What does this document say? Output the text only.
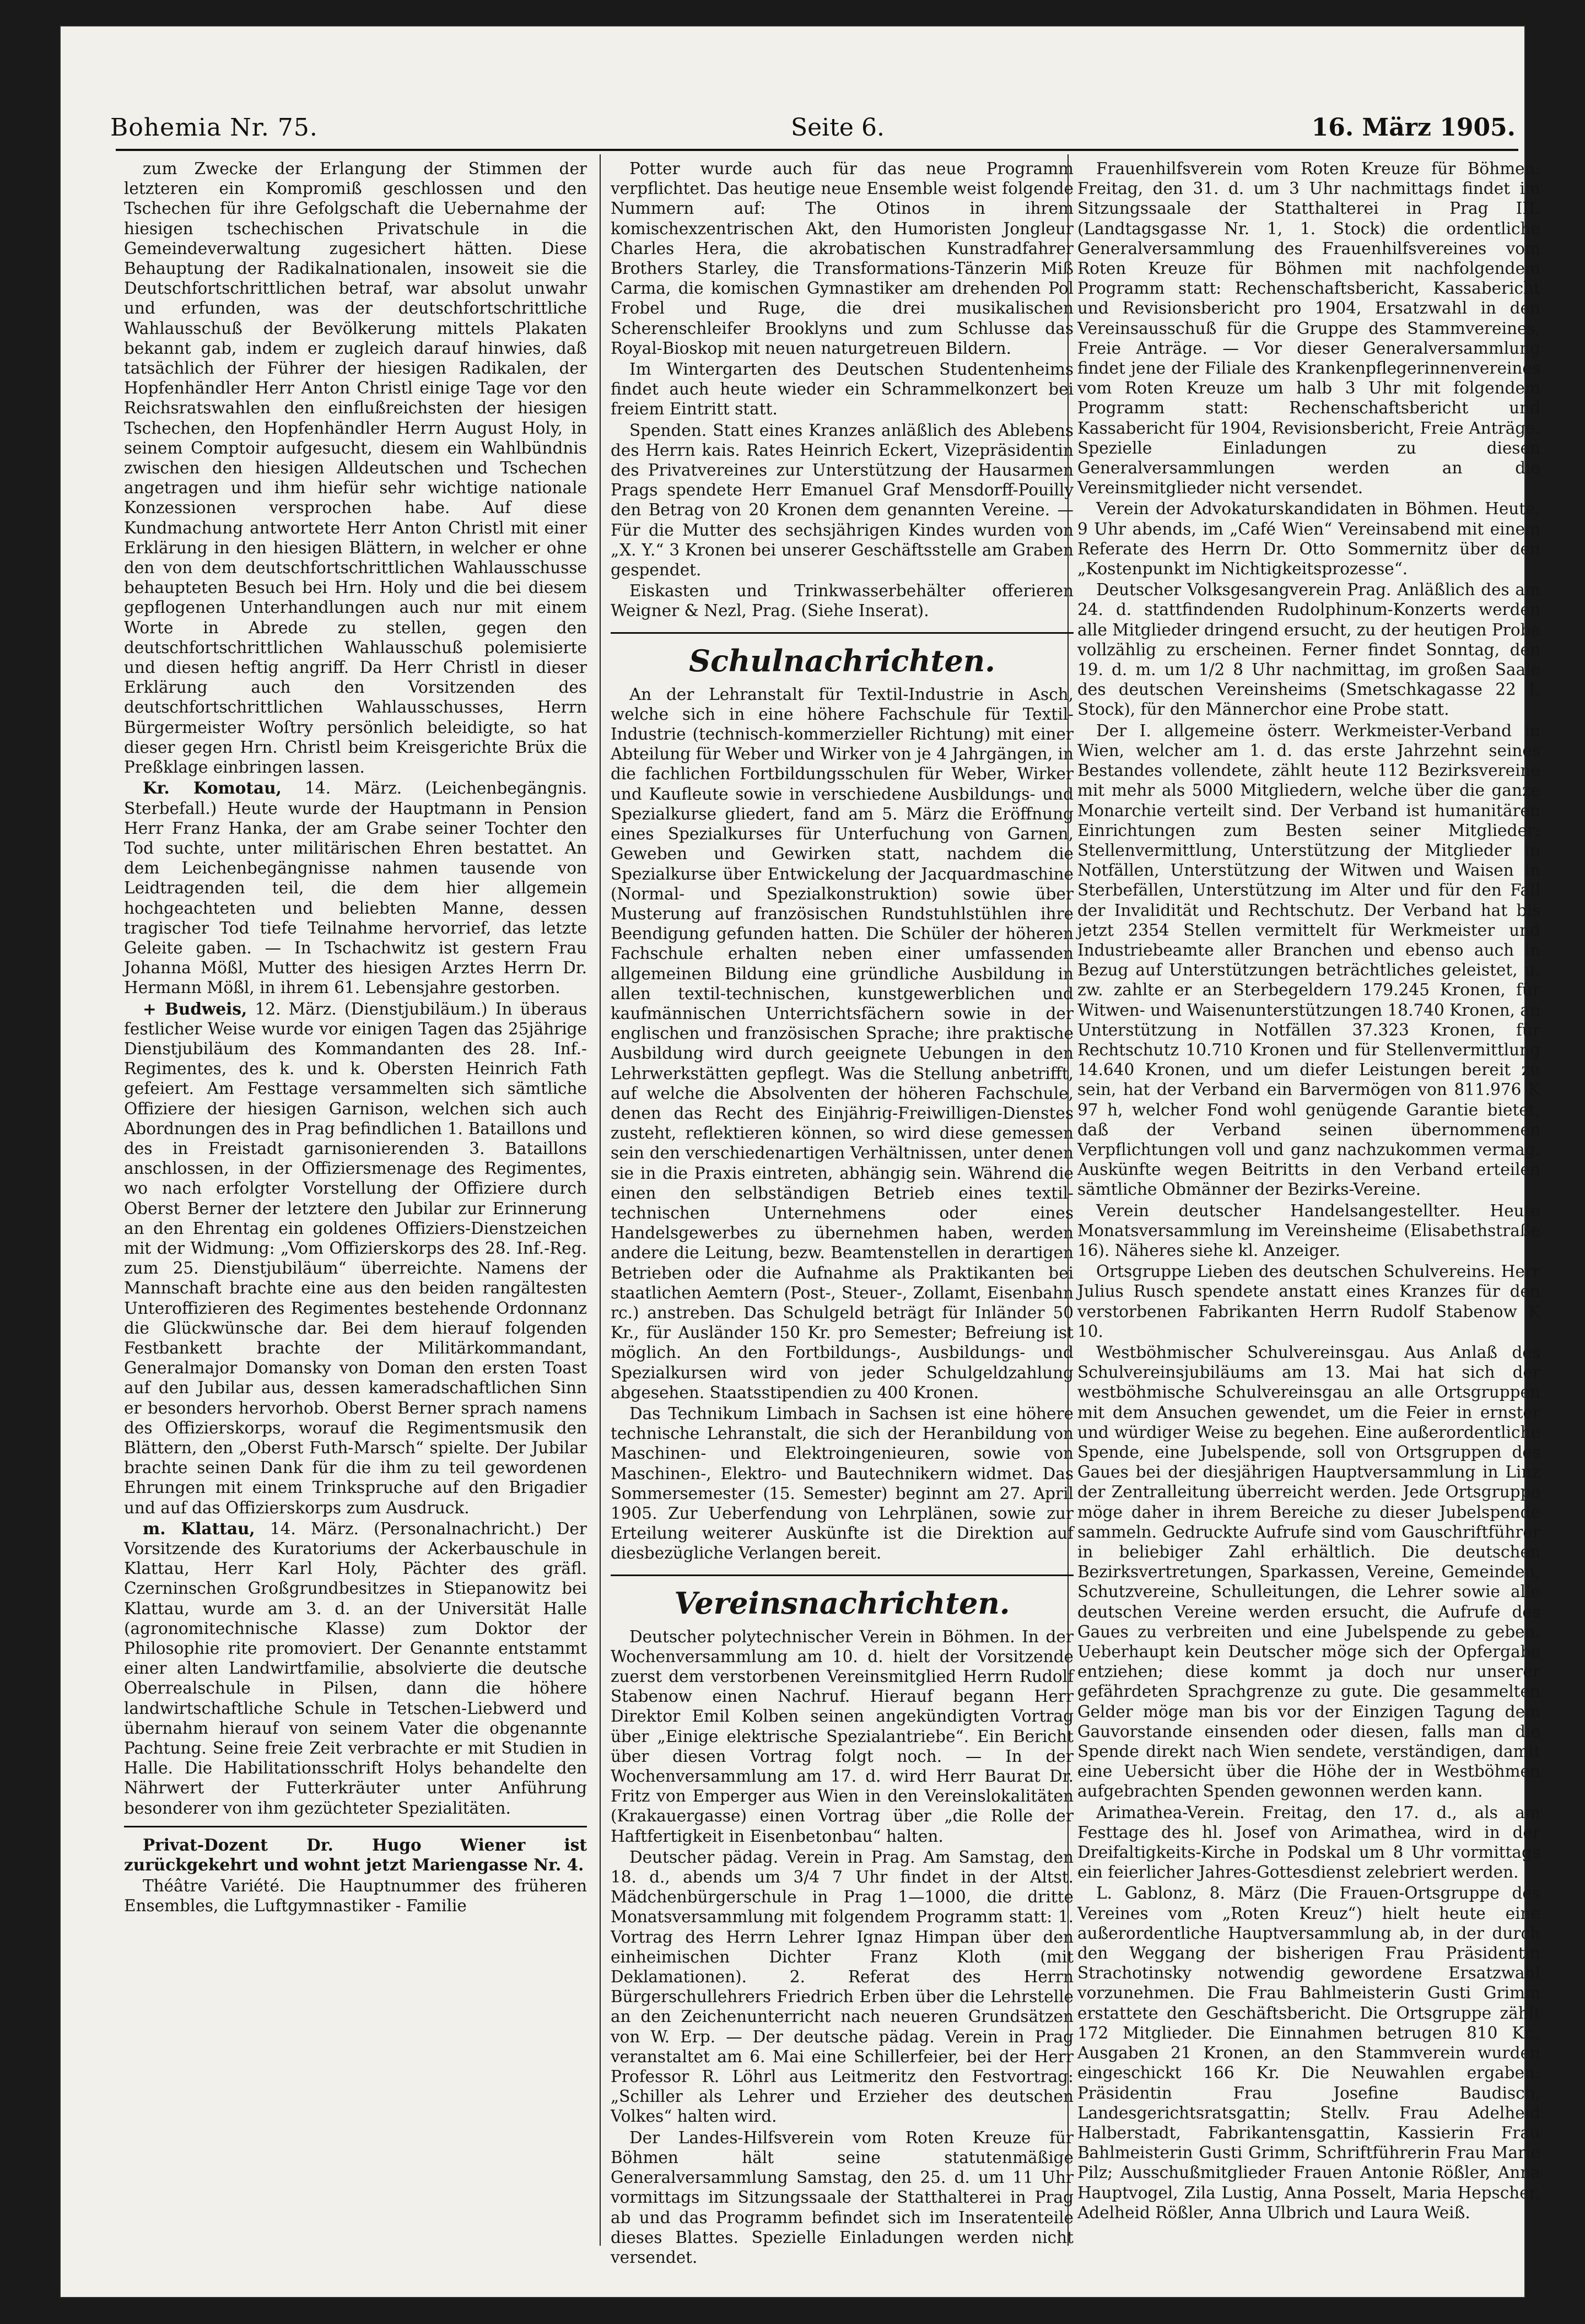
Bohemia Nr. 75.	Seite 6.	16. März 1905.

zum Zwecke der Erlangung der Stimmen der letzteren ein Kompromiß geschlossen und den Tschechen für ihre Gefolgschaft die Uebernahme der hiesigen tschechischen Privatschule in die Gemeindeverwaltung zugesichert hätten. Diese Behauptung der Radikalnationalen, insoweit sie die Deutschfortschrittlichen betraf, war absolut unwahr und erfunden, was der deutschfortschrittliche Wahlausschuß der Bevölkerung mittels Plakaten bekannt gab, indem er zugleich darauf hinwies, daß tatsächlich der Führer der hiesigen Radikalen, der Hopfenhändler Herr Anton Christl einige Tage vor den Reichsratswahlen den einflußreichsten der hiesigen Tschechen, den Hopfenhändler Herrn August Holy, in seinem Comptoir aufgesucht, diesem ein Wahlbündnis zwischen den hiesigen Alldeutschen und Tschechen angetragen und ihm hiefür sehr wichtige nationale Konzessionen versprochen habe. Auf diese Kundmachung antwortete Herr Anton Christl mit einer Erklärung in den hiesigen Blättern, in welcher er ohne den von dem deutschfortschrittlichen Wahlausschusse behaupteten Besuch bei Hrn. Holy und die bei diesem gepflogenen Unterhandlungen auch nur mit einem Worte in Abrede zu stellen, gegen den deutschfortschrittlichen Wahlausschuß polemisierte und diesen heftig angriff. Da Herr Christl in dieser Erklärung auch den Vorsitzenden des deutschfortschrittlichen Wahlausschusses, Herrn Bürgermeister Woſtry persönlich beleidigte, so hat dieser gegen Hrn. Christl beim Kreisgerichte Brüx die Preßklage einbringen lassen.

Kr. Komotau, 14. März. (Leichenbegängnis. Sterbefall.) Heute wurde der Hauptmann in Pension Herr Franz Hanka, der am Grabe seiner Tochter den Tod suchte, unter militärischen Ehren bestattet. An dem Leichenbegängnisse nahmen tausende von Leidtragenden teil, die dem hier allgemein hochgeachteten und beliebten Manne, dessen tragischer Tod tiefe Teilnahme hervorrief, das letzte Geleite gaben. — In Tschachwitz ist gestern Frau Johanna Mößl, Mutter des hiesigen Arztes Herrn Dr. Hermann Mößl, in ihrem 61. Lebensjahre gestorben.

+ Budweis, 12. März. (Dienstjubiläum.) In überaus festlicher Weise wurde vor einigen Tagen das 25jährige Dienstjubiläum des Kommandanten des 28. Inf.-Regimentes, des k. und k. Obersten Heinrich Fath gefeiert. Am Festtage versammelten sich sämtliche Offiziere der hiesigen Garnison, welchen sich auch Abordnungen des in Prag befindlichen 1. Bataillons und des in Freistadt garnisonierenden 3. Bataillons anschlossen, in der Offiziersmenage des Regimentes, wo nach erfolgter Vorstellung der Offiziere durch Oberst Berner der letztere den Jubilar zur Erinnerung an den Ehrentag ein goldenes Offiziers-Dienstzeichen mit der Widmung: „Vom Offizierskorps des 28. Inf.-Reg. zum 25. Dienstjubiläum“ überreichte. Namens der Mannschaft brachte eine aus den beiden rangältesten Unteroffizieren des Regimentes bestehende Ordonnanz die Glückwünsche dar. Bei dem hierauf folgenden Festbankett brachte der Militärkommandant, Generalmajor Domansky von Doman den ersten Toast auf den Jubilar aus, dessen kameradschaftlichen Sinn er besonders hervorhob. Oberst Berner sprach namens des Offizierskorps, worauf die Regimentsmusik den Blättern, den „Oberst Futh-Marsch“ spielte. Der Jubilar brachte seinen Dank für die ihm zu teil gewordenen Ehrungen mit einem Trinkspruche auf den Brigadier und auf das Offizierskorps zum Ausdruck.

m. Klattau, 14. März. (Personalnachricht.) Der Vorsitzende des Kuratoriums der Ackerbauschule in Klattau, Herr Karl Holy, Pächter des gräfl. Czerninschen Großgrundbesitzes in Stiepanowitz bei Klattau, wurde am 3. d. an der Universität Halle (agronomitechnische Klasse) zum Doktor der Philosophie rite promoviert. Der Genannte entstammt einer alten Landwirtfamilie, absolvierte die deutsche Oberrealschule in Pilsen, dann die höhere landwirtschaftliche Schule in Tetschen-Liebwerd und übernahm hierauf von seinem Vater die obgenannte Pachtung. Seine freie Zeit verbrachte er mit Studien in Halle. Die Habilitationsschrift Holys behandelte den Nährwert der Futterkräuter unter Anführung besonderer von ihm gezüchteter Spezialitäten.

Privat-Dozent Dr. Hugo Wiener ist zurückgekehrt und wohnt jetzt Mariengasse Nr. 4.

Théâtre Variété. Die Hauptnummer des früheren Ensembles, die Luftgymnastiker - Familie

Potter wurde auch für das neue Programm verpflichtet. Das heutige neue Ensemble weist folgende Nummern auf: The Otinos in ihrem komischexzentrischen Akt, den Humoristen Jongleur Charles Hera, die akrobatischen Kunstradfahrer Brothers Starley, die Transformations-Tänzerin Miß Carma, die komischen Gymnastiker am drehenden Pol Frobel und Ruge, die drei musikalischen Scherenschleifer Brooklyns und zum Schlusse das Royal-Bioskop mit neuen naturgetreuen Bildern.

Im Wintergarten des Deutschen Studentenheims findet auch heute wieder ein Schrammelkonzert bei freiem Eintritt statt.

Spenden. Statt eines Kranzes anläßlich des Ablebens des Herrn kais. Rates Heinrich Eckert, Vizepräsidentin des Privatvereines zur Unterstützung der Hausarmen Prags spendete Herr Emanuel Graf Mensdorff-Pouilly den Betrag von 20 Kronen dem genannten Vereine. — Für die Mutter des sechsjährigen Kindes wurden von „X. Y.“ 3 Kronen bei unserer Geschäftsstelle am Graben gespendet.

Eiskasten und Trinkwasserbehälter offerieren Weigner & Nezl, Prag. (Siehe Inserat).

Schulnachrichten.

An der Lehranstalt für Textil-Industrie in Asch, welche sich in eine höhere Fachschule für Textil-Industrie (technisch-kommerzieller Richtung) mit einer Abteilung für Weber und Wirker von je 4 Jahrgängen, in die fachlichen Fortbildungsschulen für Weber, Wirker und Kaufleute sowie in verschiedene Ausbildungs- und Spezialkurse gliedert, fand am 5. März die Eröffnung eines Spezialkurses für Unterfuchung von Garnen, Geweben und Gewirken statt, nachdem die Spezialkurse über Entwickelung der Jacquardmaschine (Normal- und Spezialkonstruktion) sowie über Musterung auf französischen Rundstuhlstühlen ihre Beendigung gefunden hatten. Die Schüler der höheren Fachschule erhalten neben einer umfassenden allgemeinen Bildung eine gründliche Ausbildung in allen textil-technischen, kunstgewerblichen und kaufmännischen Unterrichtsfächern sowie in der englischen und französischen Sprache; ihre praktische Ausbildung wird durch geeignete Uebungen in den Lehrwerkstätten gepflegt. Was die Stellung anbetrifft, auf welche die Absolventen der höheren Fachschule, denen das Recht des Einjährig-Freiwilligen-Dienstes zusteht, reflektieren können, so wird diese gemessen sein den verschiedenartigen Verhältnissen, unter denen sie in die Praxis eintreten, abhängig sein. Während die einen den selbständigen Betrieb eines textil-technischen Unternehmens oder eines Handelsgewerbes zu übernehmen haben, werden andere die Leitung, bezw. Beamtenstellen in derartigen Betrieben oder die Aufnahme als Praktikanten bei staatlichen Aemtern (Post-, Steuer-, Zollamt, Eisenbahn rc.) anstreben. Das Schulgeld beträgt für Inländer 50 Kr., für Ausländer 150 Kr. pro Semester; Befreiung ist möglich. An den Fortbildungs-, Ausbildungs- und Spezialkursen wird von jeder Schulgeldzahlung abgesehen. Staatsstipendien zu 400 Kronen.

Das Technikum Limbach in Sachsen ist eine höhere technische Lehranstalt, die sich der Heranbildung von Maschinen- und Elektroingenieuren, sowie von Maschinen-, Elektro- und Bautechnikern widmet. Das Sommersemester (15. Semester) beginnt am 27. April 1905. Zur Ueberfendung von Lehrplänen, sowie zur Erteilung weiterer Auskünfte ist die Direktion auf diesbezügliche Verlangen bereit.

Vereinsnachrichten.

Deutscher polytechnischer Verein in Böhmen. In der Wochenversammlung am 10. d. hielt der Vorsitzende zuerst dem verstorbenen Vereinsmitglied Herrn Rudolf Stabenow einen Nachruf. Hierauf begann Herr Direktor Emil Kolben seinen angekündigten Vortrag über „Einige elektrische Spezialantriebe“. Ein Bericht über diesen Vortrag folgt noch. — In der Wochenversammlung am 17. d. wird Herr Baurat Dr. Fritz von Emperger aus Wien in den Vereinslokalitäten (Krakauergasse) einen Vortrag über „die Rolle der Haftfertigkeit in Eisenbetonbau“ halten.

Deutscher pädag. Verein in Prag. Am Samstag, den 18. d., abends um 3/4 7 Uhr findet in der Altst. Mädchenbürgerschule in Prag 1—1000, die dritte Monatsversammlung mit folgendem Programm statt: 1. Vortrag des Herrn Lehrer Ignaz Himpan über den einheimischen Dichter Franz Kloth (mit Deklamationen). 2. Referat des Herrn Bürgerschullehrers Friedrich Erben über die Lehrstelle an den Zeichenunterricht nach neueren Grundsätzen von W. Erp. — Der deutsche pädag. Verein in Prag veranstaltet am 6. Mai eine Schillerfeier, bei der Herr Professor R. Löhrl aus Leitmeritz den Festvortrag: „Schiller als Lehrer und Erzieher des deutschen Volkes“ halten wird.

Der Landes-Hilfsverein vom Roten Kreuze für Böhmen hält seine statutenmäßige Generalversammlung Samstag, den 25. d. um 11 Uhr vormittags im Sitzungssaale der Statthalterei in Prag ab und das Programm befindet sich im Inseratenteile dieses Blattes. Spezielle Einladungen werden nicht versendet.

Frauenhilfsverein vom Roten Kreuze für Böhmen. Freitag, den 31. d. um 3 Uhr nachmittags findet im Sitzungssaale der Statthalterei in Prag III. (Landtagsgasse Nr. 1, 1. Stock) die ordentliche Generalversammlung des Frauenhilfsvereines vom Roten Kreuze für Böhmen mit nachfolgendem Programm statt: Rechenschaftsbericht, Kassabericht und Revisionsbericht pro 1904, Ersatzwahl in den Vereinsausschuß für die Gruppe des Stammvereines, Freie Anträge. — Vor dieser Generalversammlung findet jene der Filiale des Krankenpflegerinnenvereines vom Roten Kreuze um halb 3 Uhr mit folgendem Programm statt: Rechenschaftsbericht und Kassabericht für 1904, Revisionsbericht, Freie Anträge. Spezielle Einladungen zu diesen Generalversammlungen werden an die Vereinsmitglieder nicht versendet.

Verein der Advokaturskandidaten in Böhmen. Heute, 9 Uhr abends, im „Café Wien“ Vereinsabend mit einem Referate des Herrn Dr. Otto Sommernitz über den „Kostenpunkt im Nichtigkeitsprozesse“.

Deutscher Volksgesangverein Prag. Anläßlich des am 24. d. stattfindenden Rudolphinum-Konzerts werden alle Mitglieder dringend ersucht, zu der heutigen Probe vollzählig zu erscheinen. Ferner findet Sonntag, den 19. d. m. um 1/2 8 Uhr nachmittag, im großen Saale des deutschen Vereinsheims (Smetschkagasse 22 I. Stock), für den Männerchor eine Probe statt.

Der I. allgemeine österr. Werkmeister-Verband in Wien, welcher am 1. d. das erste Jahrzehnt seines Bestandes vollendete, zählt heute 112 Bezirksvereine mit mehr als 5000 Mitgliedern, welche über die ganze Monarchie verteilt sind. Der Verband ist humanitären Einrichtungen zum Besten seiner Mitglieder: Stellenvermittlung, Unterstützung der Mitglieder in Notfällen, Unterstützung der Witwen und Waisen in Sterbefällen, Unterstützung im Alter und für den Fall der Invalidität und Rechtschutz. Der Verband hat bis jetzt 2354 Stellen vermittelt für Werkmeister und Industriebeamte aller Branchen und ebenso auch in Bezug auf Unterstützungen beträchtliches geleistet, u. zw. zahlte er an Sterbegeldern 179.245 Kronen, für Witwen- und Waisenunterstützungen 18.740 Kronen, an Unterstützung in Notfällen 37.323 Kronen, für Rechtschutz 10.710 Kronen und für Stellenvermittlung 14.640 Kronen, und um diefer Leistungen bereit zu sein, hat der Verband ein Barvermögen von 811.976 K 97 h, welcher Fond wohl genügende Garantie bietet, daß der Verband seinen übernommenen Verpflichtungen voll und ganz nachzukommen vermag. Auskünfte wegen Beitritts in den Verband erteilen sämtliche Obmänner der Bezirks-Vereine.

Verein deutscher Handelsangestellter. Heute Monatsversammlung im Vereinsheime (Elisabethstraße 16). Näheres siehe kl. Anzeiger.

Ortsgruppe Lieben des deutschen Schulvereins. Herr Julius Rusch spendete anstatt eines Kranzes für den verstorbenen Fabrikanten Herrn Rudolf Stabenow K 10.

Westböhmischer Schulvereinsgau. Aus Anlaß des Schulvereinsjubiläums am 13. Mai hat sich der westböhmische Schulvereinsgau an alle Ortsgruppen mit dem Ansuchen gewendet, um die Feier in ernster und würdiger Weise zu begehen. Eine außerordentliche Spende, eine Jubelspende, soll von Ortsgruppen des Gaues bei der diesjährigen Hauptversammlung in Linz der Zentralleitung überreicht werden. Jede Ortsgruppe möge daher in ihrem Bereiche zu dieser Jubelspende sammeln. Gedruckte Aufrufe sind vom Gauschriftführer in beliebiger Zahl erhältlich. Die deutschen Bezirksvertretungen, Sparkassen, Vereine, Gemeinden, Schutzvereine, Schulleitungen, die Lehrer sowie alle deutschen Vereine werden ersucht, die Aufrufe des Gaues zu verbreiten und eine Jubelspende zu geben. Ueberhaupt kein Deutscher möge sich der Opfergabe entziehen; diese kommt ja doch nur unserer gefährdeten Sprachgrenze zu gute. Die gesammelten Gelder möge man bis vor der Einzigen Tagung dem Gauvorstande einsenden oder diesen, falls man die Spende direkt nach Wien sendete, verständigen, damit eine Uebersicht über die Höhe der in Westböhmen aufgebrachten Spenden gewonnen werden kann.

Arimathea-Verein. Freitag, den 17. d., als am Festtage des hl. Josef von Arimathea, wird in der Dreifaltigkeits-Kirche in Podskal um 8 Uhr vormittags ein feierlicher Jahres-Gottesdienst zelebriert werden.

L. Gablonz, 8. März (Die Frauen-Ortsgruppe des Vereines vom „Roten Kreuz“) hielt heute eine außerordentliche Hauptversammlung ab, in der durch den Weggang der bisherigen Frau Präsidentin Strachotinsky notwendig gewordene Ersatzwahl vorzunehmen. Die Frau Bahlmeisterin Gusti Grimm erstattete den Geschäftsbericht. Die Ortsgruppe zählt 172 Mitglieder. Die Einnahmen betrugen 810 Kr., Ausgaben 21 Kronen, an den Stammverein wurden eingeschickt 166 Kr. Die Neuwahlen ergaben: Präsidentin Frau Josefine Baudisch, Landesgerichtsratsgattin; Stellv. Frau Adelheid Halberstadt, Fabrikantensgattin, Kassierin Frau Bahlmeisterin Gusti Grimm, Schriftführerin Frau Marie Pilz; Ausschußmitglieder Frauen Antonie Rößler, Anna Hauptvogel, Zila Lustig, Anna Posselt, Maria Hepscher, Adelheid Rößler, Anna Ulbrich und Laura Weiß.
